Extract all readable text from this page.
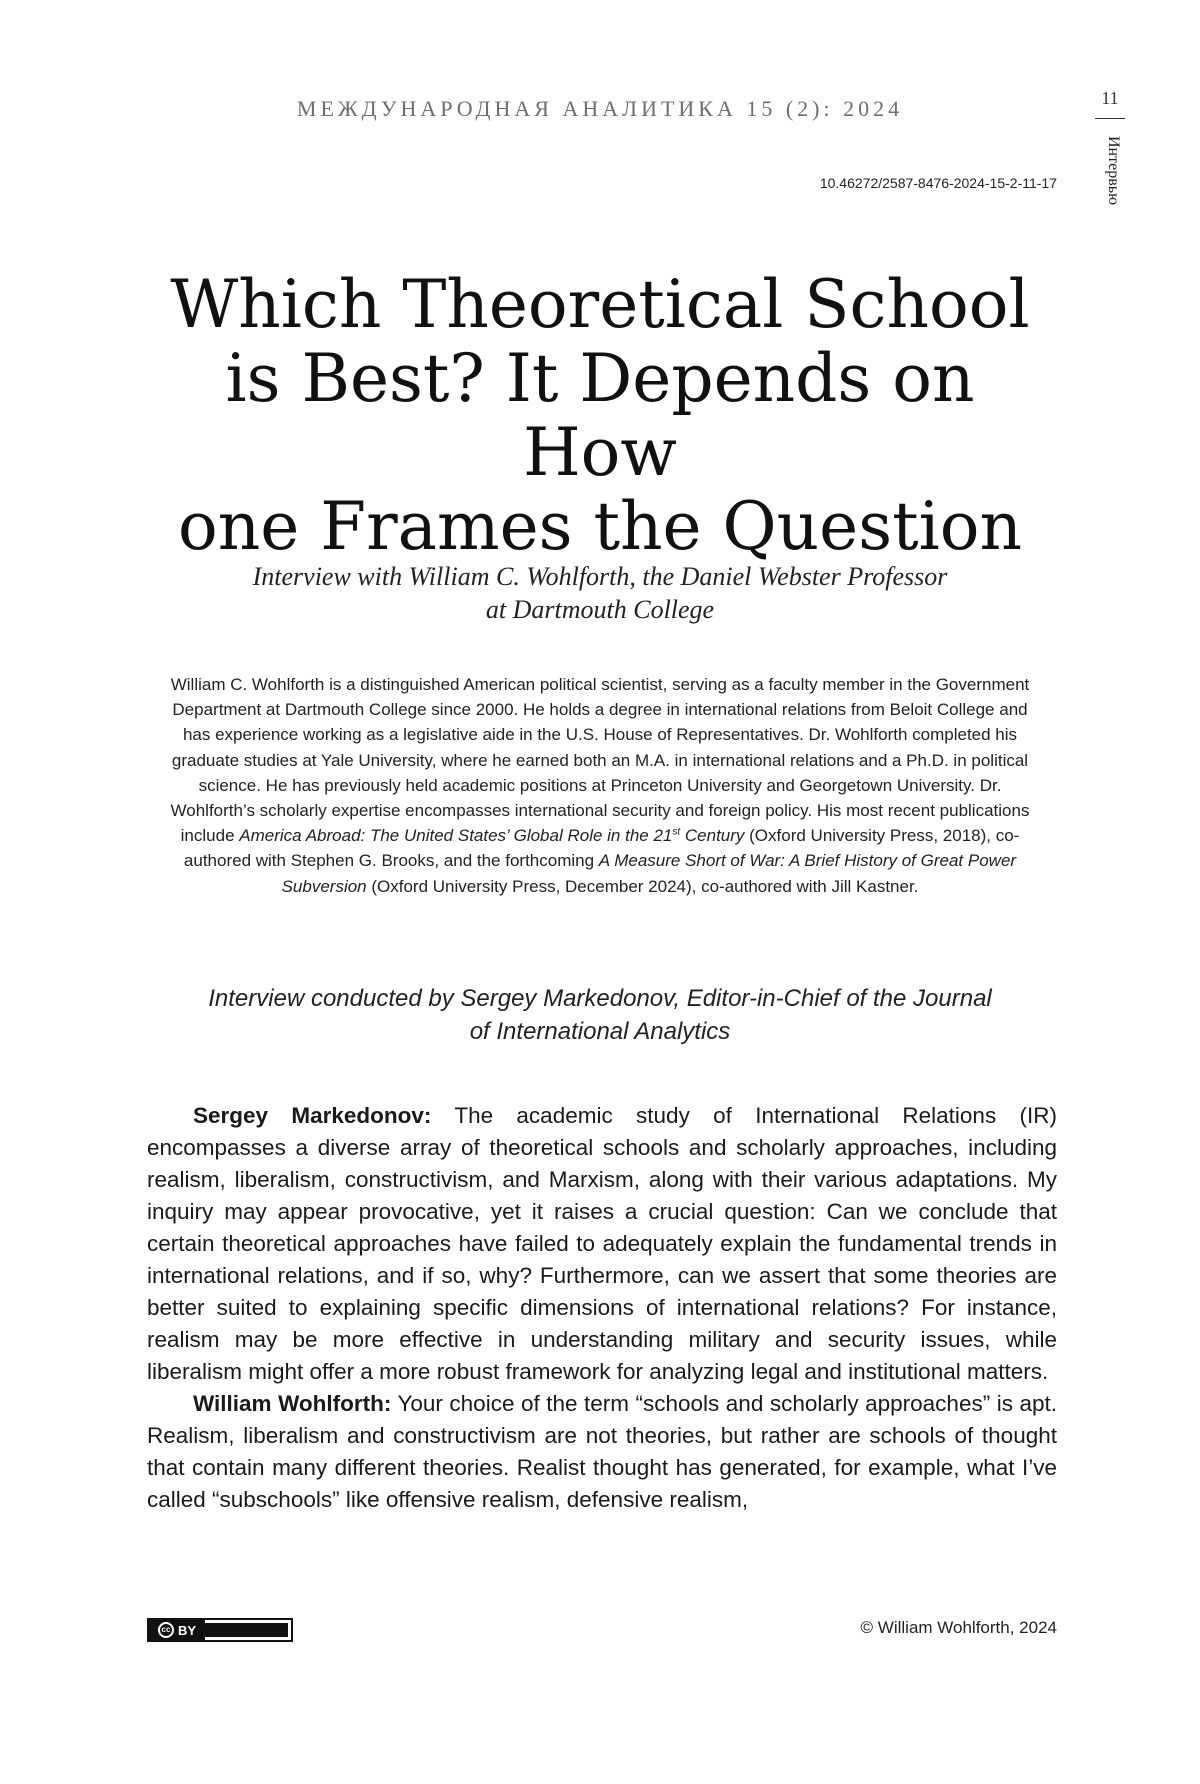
МЕЖДУНАРОДНАЯ АНАЛИТИКА 15 (2): 2024	11
Интервью
10.46272/2587-8476-2024-15-2-11-17
Which Theoretical School
is Best? It Depends on How
one Frames the Question
Interview with William C. Wohlforth, the Daniel Webster Professor
at Dartmouth College
William C. Wohlforth is a distinguished American political scientist, serving as a faculty member in the Government Department at Dartmouth College since 2000. He holds a degree in international relations from Beloit College and has experience working as a legislative aide in the U.S. House of Representatives. Dr. Wohlforth completed his graduate studies at Yale University, where he earned both an M.A. in international relations and a Ph.D. in political science. He has previously held academic positions at Princeton University and Georgetown University. Dr. Wohlforth’s scholarly expertise encompasses international security and foreign policy. His most recent publications include America Abroad: The United States’ Global Role in the 21st Century (Oxford University Press, 2018), co-authored with Stephen G. Brooks, and the forthcoming A Measure Short of War: A Brief History of Great Power Subversion (Oxford University Press, December 2024), co-authored with Jill Kastner.
Interview conducted by Sergey Markedonov, Editor-in-Chief of the Journal
of International Analytics

Sergey Markedonov: The academic study of International Relations (IR) encompasses a diverse array of theoretical schools and scholarly approaches, including realism, liberalism, constructivism, and Marxism, along with their various adaptations. My inquiry may appear provocative, yet it raises a crucial question: Can we conclude that certain theoretical approaches have failed to adequately explain the fundamental trends in international relations, and if so, why? Furthermore, can we assert that some theories are better suited to explaining specific dimensions of international relations? For instance, realism may be more effective in understanding military and security issues, while liberalism might offer a more robust framework for analyzing legal and institutional matters.

William Wohlforth: Your choice of the term “schools and scholarly approaches” is apt. Realism, liberalism and constructivism are not theories, but rather are schools of thought that contain many different theories. Realist thought has generated, for example, what I’ve called “subschools” like offensive realism, defensive realism,

cc BY	© William Wohlforth, 2024
